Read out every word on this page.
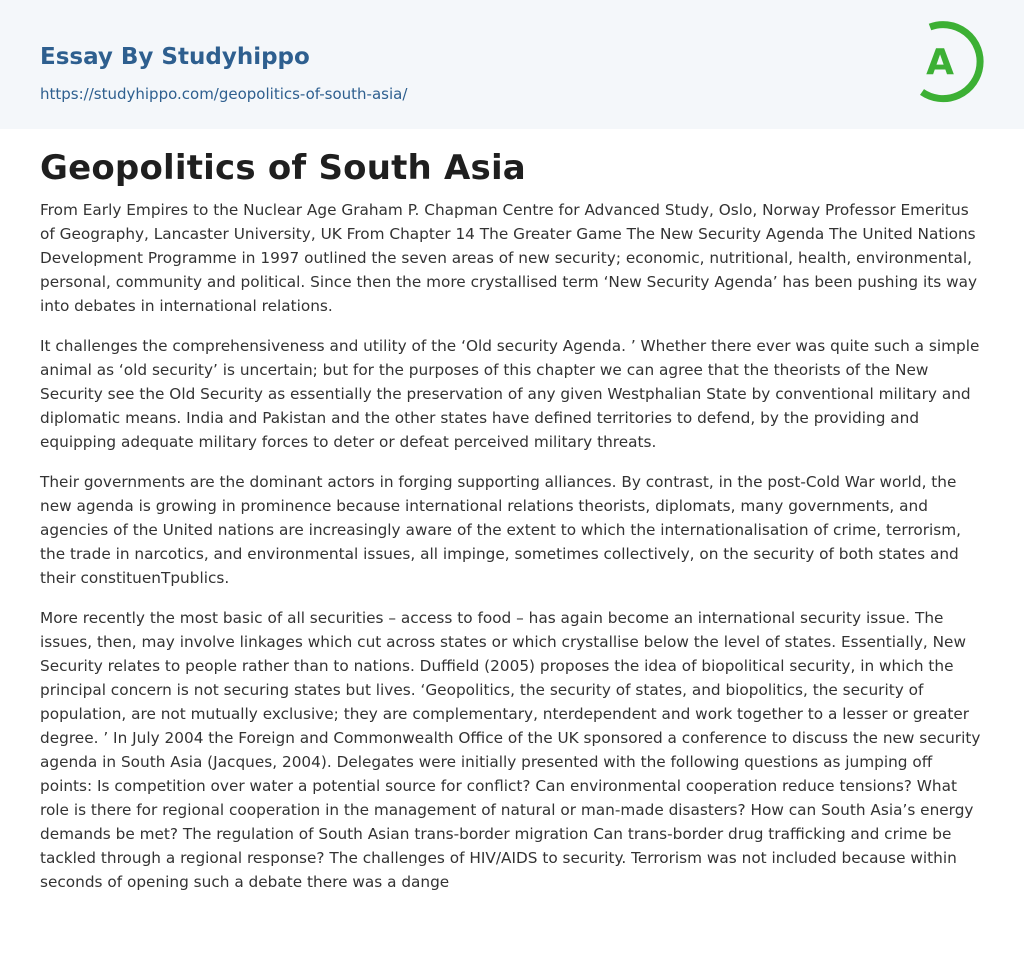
Essay By Studyhippo
https://studyhippo.com/geopolitics-of-south-asia/
A
Geopolitics of South Asia

From Early Empires to the Nuclear Age Graham P. Chapman Centre for Advanced Study, Oslo, Norway Professor Emeritus of Geography, Lancaster University, UK From Chapter 14 The Greater Game The New Security Agenda The United Nations Development Programme in 1997 outlined the seven areas of new security; economic, nutritional, health, environmental, personal, community and political. Since then the more crystallised term ‘New Security Agenda’ has been pushing its way into debates in international relations.

It challenges the comprehensiveness and utility of the ‘Old security Agenda. ’ Whether there ever was quite such a simple animal as ‘old security’ is uncertain; but for the purposes of this chapter we can agree that the theorists of the New Security see the Old Security as essentially the preservation of any given Westphalian State by conventional military and diplomatic means. India and Pakistan and the other states have defined territories to defend, by the providing and equipping adequate military forces to deter or defeat perceived military threats.

Their governments are the dominant actors in forging supporting alliances. By contrast, in the post-Cold War world, the new agenda is growing in prominence because international relations theorists, diplomats, many governments, and agencies of the United nations are increasingly aware of the extent to which the internationalisation of crime, terrorism, the trade in narcotics, and environmental issues, all impinge, sometimes collectively, on the security of both states and their constituenTpublics.

More recently the most basic of all securities – access to food – has again become an international security issue. The issues, then, may involve linkages which cut across states or which crystallise below the level of states. Essentially, New Security relates to people rather than to nations. Duffield (2005) proposes the idea of biopolitical security, in which the principal concern is not securing states but lives. ‘Geopolitics, the security of states, and biopolitics, the security of population, are not mutually exclusive; they are complementary, nterdependent and work together to a lesser or greater degree. ’ In July 2004 the Foreign and Commonwealth Office of the UK sponsored a conference to discuss the new security agenda in South Asia (Jacques, 2004). Delegates were initially presented with the following questions as jumping off points: Is competition over water a potential source for conflict? Can environmental cooperation reduce tensions? What role is there for regional cooperation in the management of natural or man-made disasters? How can South Asia’s energy demands be met? The regulation of South Asian trans-border migration Can trans-border drug trafficking and crime be tackled through a regional response? The challenges of HIV/AIDS to security. Terrorism was not included because within seconds of opening such a debate there was a dange
